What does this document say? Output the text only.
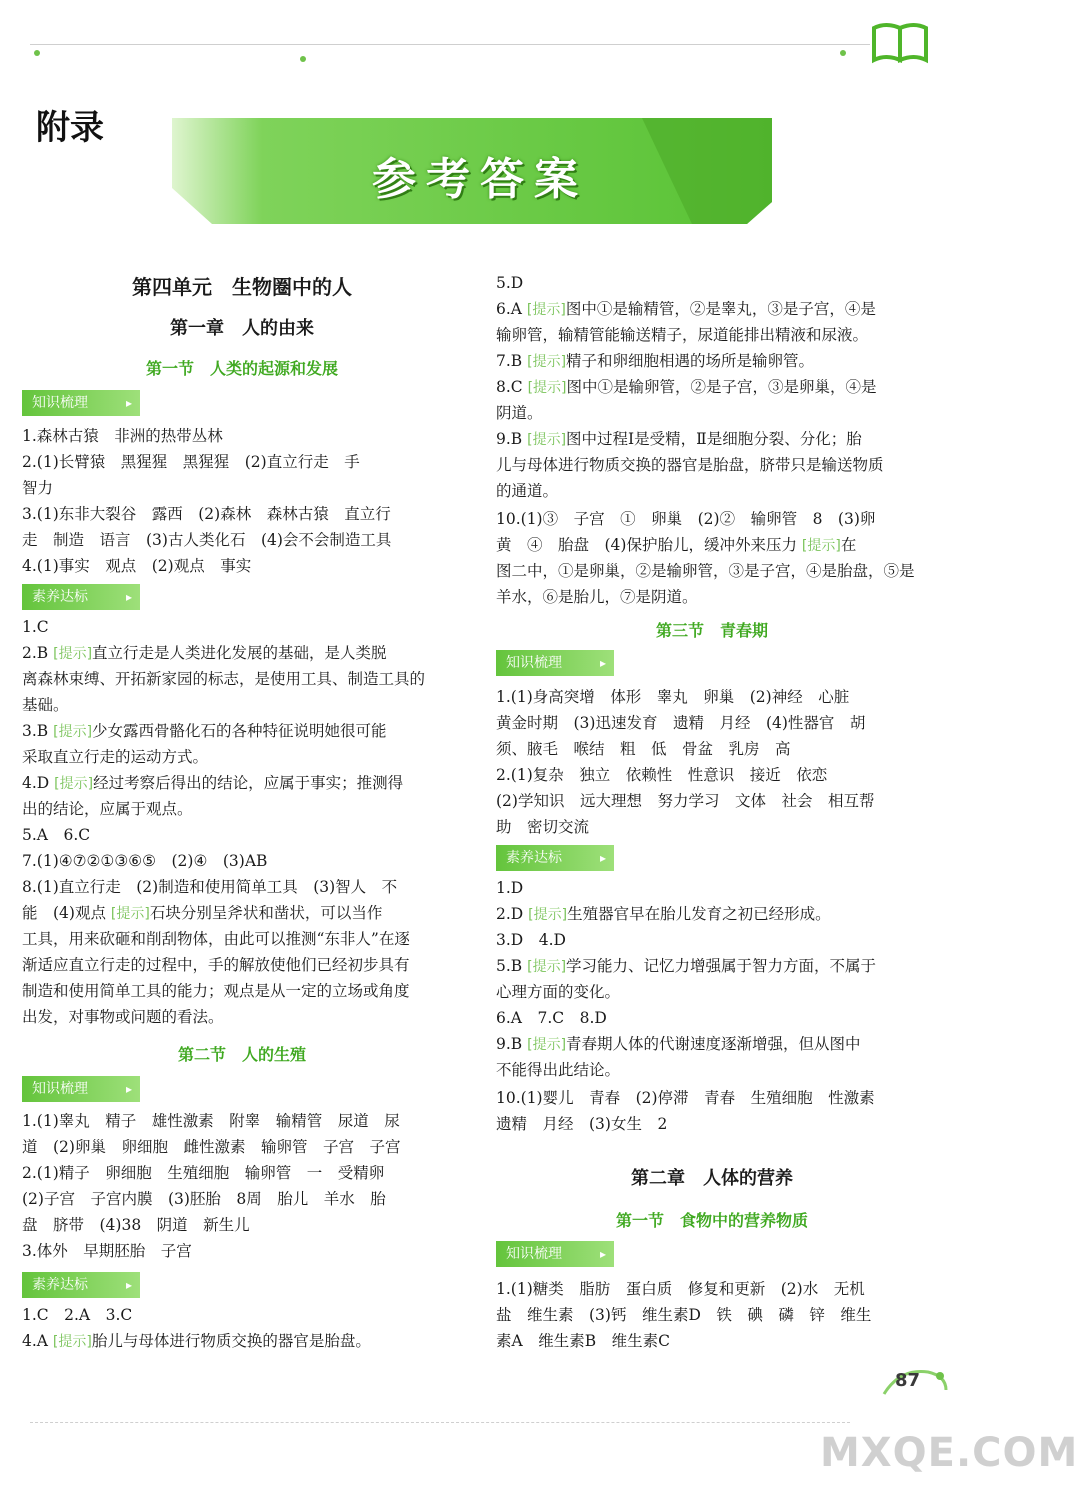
附录
参考答案
第四单元　生物圈中的人
第一章　人的由来
第一节　人类的起源和发展
知识梳理 ▸
1.森林古猿　非洲的热带丛林
2.(1)长臂猿　黑猩猩　黑猩猩　(2)直立行走　手
智力
3.(1)东非大裂谷　露西　(2)森林　森林古猿　直立行
走　制造　语言　(3)古人类化石　(4)会不会制造工具
4.(1)事实　观点　(2)观点　事实
素养达标 ▸
1.C
2.B [提示]直立行走是人类进化发展的基础，是人类脱
离森林束缚、开拓新家园的标志，是使用工具、制造工具的
基础。
3.B [提示]少女露西骨骼化石的各种特征说明她很可能
采取直立行走的运动方式。
4.D [提示]经过考察后得出的结论，应属于事实；推测得
出的结论，应属于观点。
5.A　6.C
7.(1)④⑦②①③⑥⑤　(2)④　(3)AB
8.(1)直立行走　(2)制造和使用简单工具　(3)智人　不
能　(4)观点 [提示]石块分别呈斧状和凿状，可以当作
工具，用来砍砸和削刮物体，由此可以推测“东非人”在逐
渐适应直立行走的过程中，手的解放使他们已经初步具有
制造和使用简单工具的能力；观点是从一定的立场或角度
出发，对事物或问题的看法。
第二节　人的生殖
知识梳理 ▸
1.(1)睾丸　精子　雄性激素　附睾　输精管　尿道　尿
道　(2)卵巢　卵细胞　雌性激素　输卵管　子宫　子宫
2.(1)精子　卵细胞　生殖细胞　输卵管　一　受精卵
(2)子宫　子宫内膜　(3)胚胎　8周　胎儿　羊水　胎
盘　脐带　(4)38　阴道　新生儿
3.体外　早期胚胎　子宫
素养达标 ▸
1.C　2.A　3.C
4.A [提示]胎儿与母体进行物质交换的器官是胎盘。
5.D
6.A [提示]图中①是输精管，②是睾丸，③是子宫，④是
输卵管，输精管能输送精子，尿道能排出精液和尿液。
7.B [提示]精子和卵细胞相遇的场所是输卵管。
8.C [提示]图中①是输卵管，②是子宫，③是卵巢，④是
阴道。
9.B [提示]图中过程Ⅰ是受精，Ⅱ是细胞分裂、分化；胎
儿与母体进行物质交换的器官是胎盘，脐带只是输送物质
的通道。
10.(1)③　子宫　①　卵巢　(2)②　输卵管　8　(3)卵
黄　④　胎盘　(4)保护胎儿，缓冲外来压力 [提示]在
图二中，①是卵巢，②是输卵管，③是子宫，④是胎盘，⑤是
羊水，⑥是胎儿，⑦是阴道。
第三节　青春期
知识梳理 ▸
1.(1)身高突增　体形　睾丸　卵巢　(2)神经　心脏
黄金时期　(3)迅速发育　遗精　月经　(4)性器官　胡
须、腋毛　喉结　粗　低　骨盆　乳房　高
2.(1)复杂　独立　依赖性　性意识　接近　依恋
(2)学知识　远大理想　努力学习　文体　社会　相互帮
助　密切交流
素养达标 ▸
1.D
2.D [提示]生殖器官早在胎儿发育之初已经形成。
3.D　4.D
5.B [提示]学习能力、记忆力增强属于智力方面，不属于
心理方面的变化。
6.A　7.C　8.D
9.B [提示]青春期人体的代谢速度逐渐增强，但从图中
不能得出此结论。
10.(1)婴儿　青春　(2)停滞　青春　生殖细胞　性激素
遗精　月经　(3)女生　2
第二章　人体的营养
第一节　食物中的营养物质
知识梳理 ▸
1.(1)糖类　脂肪　蛋白质　修复和更新　(2)水　无机
盐　维生素　(3)钙　维生素D　铁　碘　磷　锌　维生
素A　维生素B　维生素C
87
MXQE.COM
